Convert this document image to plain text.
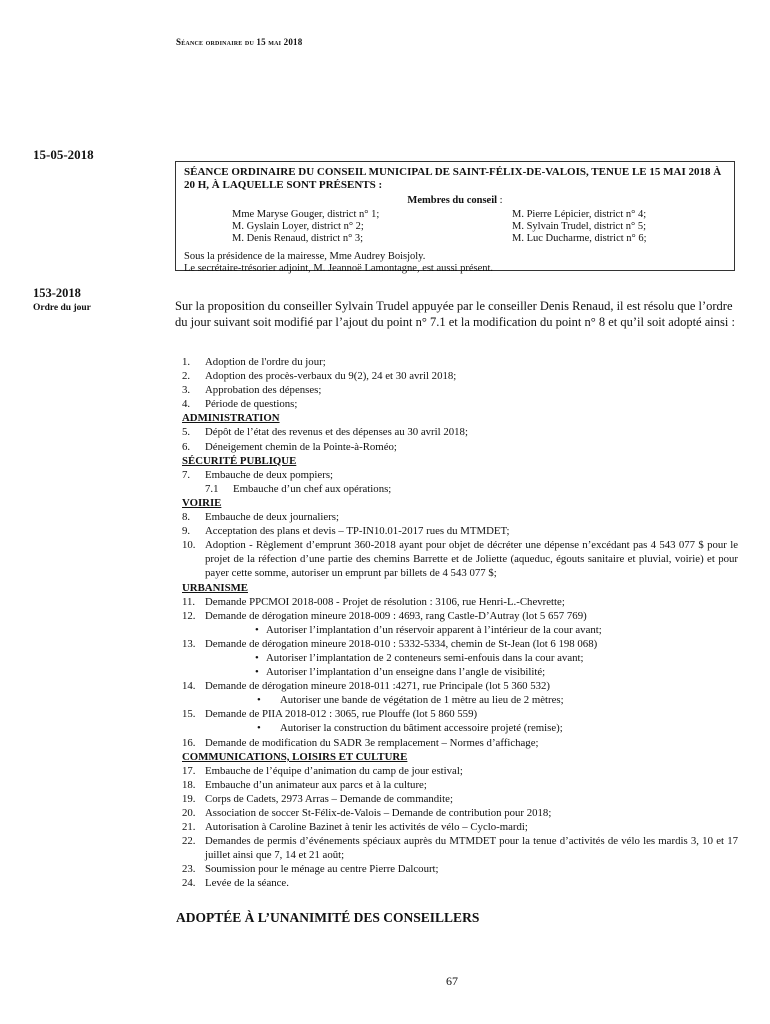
Séance ordinaire du 15 mai 2018
15-05-2018
SÉANCE ORDINAIRE DU CONSEIL MUNICIPAL DE SAINT-FÉLIX-DE-VALOIS, TENUE LE 15 MAI 2018 À 20 H, À LAQUELLE SONT PRÉSENTS :
Membres du conseil :
Mme Maryse Gouger, district n° 1;	M. Pierre Lépicier, district n° 4;
M. Gyslain Loyer, district n° 2;	M. Sylvain Trudel, district n° 5;
M. Denis Renaud, district n° 3;	M. Luc Ducharme, district n° 6;
Sous la présidence de la mairesse, Mme Audrey Boisjoly.
Le secrétaire-trésorier adjoint, M. Jeannoë Lamontagne, est aussi présent.
153-2018
Ordre du jour	Sur la proposition du conseiller Sylvain Trudel appuyée par le conseiller Denis Renaud, il est résolu que l’ordre du jour suivant soit modifié par l’ajout du point n° 7.1 et la modification du point n° 8 et qu’il soit adopté ainsi :
1.	Adoption de l'ordre du jour;
2.	Adoption des procès-verbaux du 9(2), 24 et 30 avril 2018;
3.	Approbation des dépenses;
4.	Période de questions;
ADMINISTRATION
5.	Dépôt de l’état des revenus et des dépenses au 30 avril 2018;
6.	Déneigement chemin de la Pointe-à-Roméo;
SÉCURITÉ PUBLIQUE
7.	Embauche de deux pompiers;
7.1	Embauche d’un chef aux opérations;
VOIRIE
8.	Embauche de deux journaliers;
9.	Acceptation des plans et devis – TP-IN10.01-2017 rues du MTMDET;
10. Adoption - Règlement d’emprunt 360-2018 ayant pour objet de décréter une dépense n’excédant pas 4 543 077 $ pour le projet de la réfection d’une partie des chemins Barrette et de Joliette (aqueduc, égouts sanitaire et pluvial, voirie) et pour payer cette somme, autoriser un emprunt par billets de 4 543 077 $;
URBANISME
11. Demande PPCMOI 2018-008 - Projet de résolution : 3106, rue Henri-L.-Chevrette;
12. Demande de dérogation mineure 2018-009 : 4693, rang Castle-D’Autray (lot 5 657 769)
• Autoriser l’implantation d’un réservoir apparent à l’intérieur de la cour avant;
13. Demande de dérogation mineure 2018-010 : 5332-5334, chemin de St-Jean (lot 6 198 068)
• Autoriser l’implantation de 2 conteneurs semi-enfouis dans la cour avant;
• Autoriser l’implantation d’un enseigne dans l’angle de visibilité;
14. Demande de dérogation mineure 2018-011 :4271, rue Principale (lot 5 360 532)
•	Autoriser une bande de végétation de 1 mètre au lieu de 2 mètres;
15. Demande de PIIA 2018-012 : 3065, rue Plouffe (lot 5 860 559)
•	Autoriser la construction du bâtiment accessoire projeté (remise);
16. Demande de modification du SADR 3e remplacement – Normes d’affichage;
COMMUNICATIONS, LOISIRS ET CULTURE
17. Embauche de l’équipe d’animation du camp de jour estival;
18. Embauche d’un animateur aux parcs et à la culture;
19. Corps de Cadets, 2973 Arras – Demande de commandite;
20. Association de soccer St-Félix-de-Valois – Demande de contribution pour 2018;
21. Autorisation à Caroline Bazinet à tenir les activités de vélo – Cyclo-mardi;
22. Demandes de permis d’événements spéciaux auprès du MTMDET pour la tenue d’activités de vélo les mardis 3, 10 et 17 juillet ainsi que 7, 14 et 21 août;
23. Soumission pour le ménage au centre Pierre Dalcourt;
24. Levée de la séance.
ADOPTÉE À L’UNANIMITÉ DES CONSEILLERS
67
